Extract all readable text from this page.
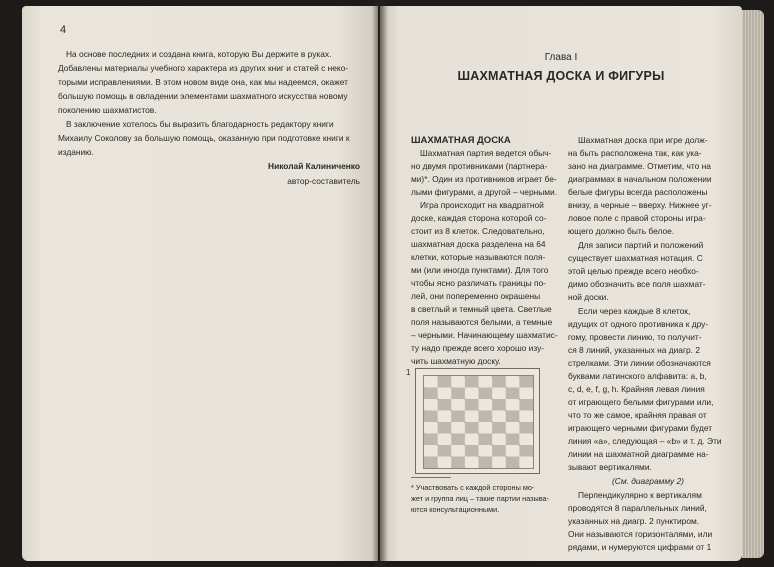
4
На основе последних и создана книга, которую Вы держите в руках.
Добавлены материалы учебного характера из других книг и статей с неко-
торыми исправлениями. В этом новом виде она, как мы надеемся, окажет
большую помощь в овладении элементами шахматного искусства новому
поколению шахматистов.
В заключение хотелось бы выразить благодарность редактору книги
Михаилу Соколову за большую помощь, оказанную при подготовке книги к
изданию.
Николай Калиниченко
автор-составитель
Глава I
ШАХМАТНАЯ ДОСКА И ФИГУРЫ
ШАХМАТНАЯ ДОСКА
Шахматная партия ведется обыч-
но двумя противниками (партнера-
ми)*. Один из противников играет бе-
лыми фигурами, а другой – черными.
Игра происходит на квадратной
доске, каждая сторона которой со-
стоит из 8 клеток. Следовательно,
шахматная доска разделена на 64
клетки, которые называются поля-
ми (или иногда пунктами). Для того
чтобы ясно различать границы по-
лей, они попеременно окрашены
в светлый и темный цвета. Светлые
поля называются белыми, а темные
– черными. Начинающему шахматис-
ту надо прежде всего хорошо изу-
чить шахматную доску.
1
* Участвовать с каждой стороны мо-
жет и группа лиц – такие партии называ-
ются консультационными.
Шахматная доска при игре долж-
на быть расположена так, как ука-
зано на диаграмме. Отметим, что на
диаграммах в начальном положении
белые фигуры всегда расположены
внизу, а черные – вверху. Нижнее уг-
ловое поле с правой стороны игра-
ющего должно быть белое.
Для записи партий и положений
существует шахматная нотация. С
этой целью прежде всего необхо-
димо обозначить все поля шахмат-
ной доски.
Если через каждые 8 клеток,
идущих от одного противника к дру-
гому, провести линию, то получит-
ся 8 линий, указанных на диагр. 2
стрелками. Эти линии обозначаются
буквами латинского алфавита: a, b,
c, d, e, f, g, h. Крайняя левая линия
от играющего белыми фигурами или,
что то же самое, крайняя правая от
играющего черными фигурами будет
линия «a», следующая – «b» и т. д. Эти
линии на шахматной диаграмме на-
зывают вертикалями.
(См. диаграмму 2)
Перпендикулярно к вертикалям
проводятся 8 параллельных линий,
указанных на диагр. 2 пунктиром.
Они называются горизонталями, или
рядами, и нумеруются цифрами от 1
